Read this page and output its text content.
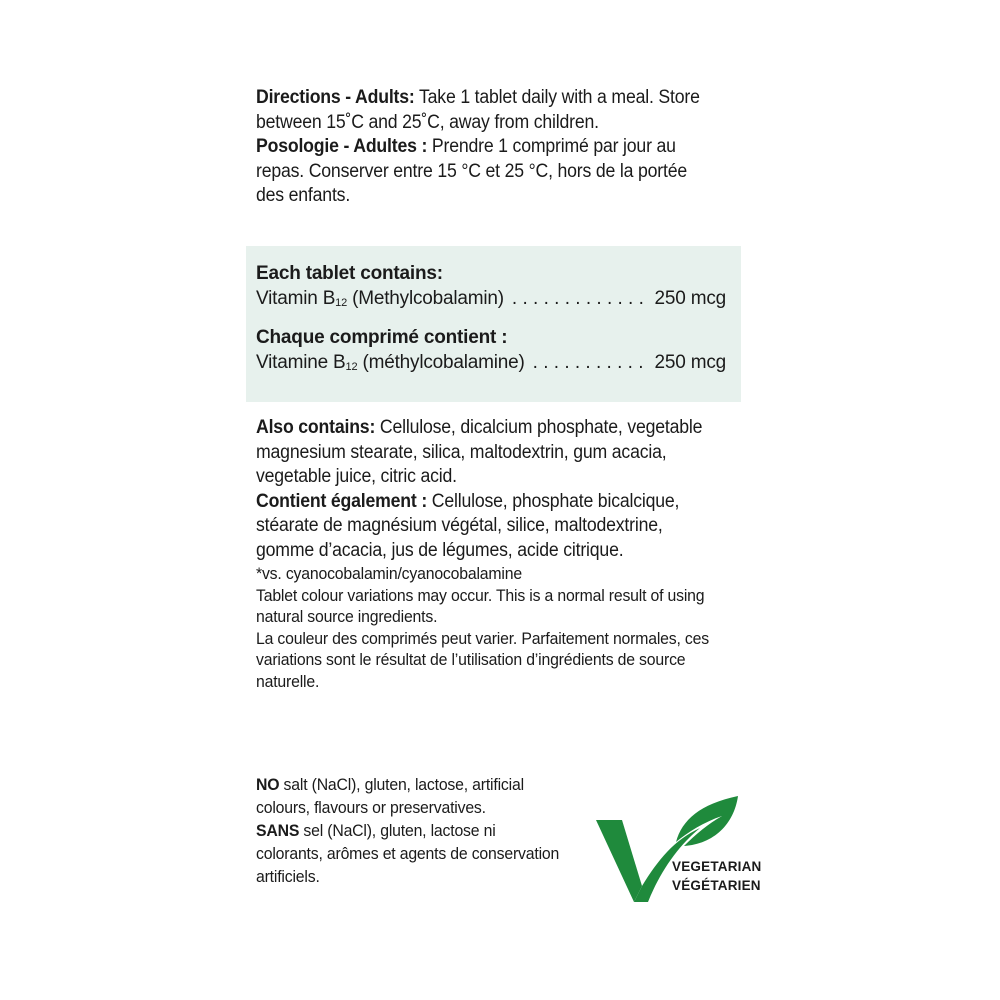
Directions - Adults: Take 1 tablet daily with a meal. Store between 15˚C and 25˚C, away from children.

Posologie - Adultes : Prendre 1 comprimé par jour au repas. Conserver entre 15 °C et 25 °C, hors de la portée des enfants.

Each tablet contains:

Vitamin $B_{12}$ (Methylcobalamin) . . .	250 mcg

Chaque comprimé contient :

Vitamine $B_{12}$ (méthylcobalamine) . . .	250 mcg

Also contains: Cellulose, dicalcium phosphate, vegetable magnesium stearate, silica, maltodextrin, gum acacia, vegetable juice, citric acid.

Contient également : Cellulose, phosphate bicalcique, stéarate de magnésium végétal, silice, maltodextrine, gomme d’acacia, jus de légumes, acide citrique.

*vs. cyanocobalamin/cyanocobalamine

Tablet colour variations may occur. This is a normal result of using natural source ingredients.

La couleur des comprimés peut varier. Parfaitement normales, ces variations sont le résultat de l’utilisation d’ingrédients de source naturelle.

NO salt (NaCl), gluten, lactose, artificial colours, flavours or preservatives.

SANS sel (NaCl), gluten, lactose ni colorants, arômes et agents de conservation artificiels.

VEGETARIAN
VÉGÉTARIEN
